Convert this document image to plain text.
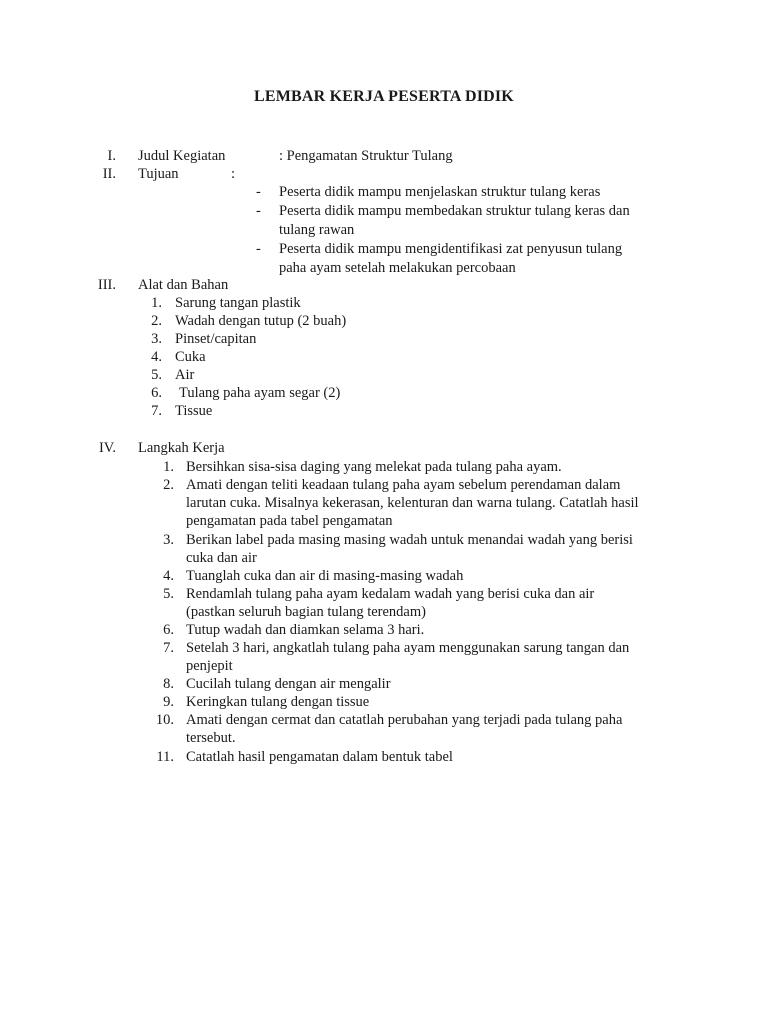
LEMBAR KERJA PESERTA DIDIK
I. Judul Kegiatan	: Pengamatan Struktur Tulang
II. Tujuan	:
- Peserta didik mampu menjelaskan struktur tulang keras
- Peserta didik mampu membedakan struktur tulang keras dan
tulang rawan
- Peserta didik mampu mengidentifikasi zat penyusun tulang
paha ayam setelah melakukan percobaan
III. Alat dan Bahan
1. Sarung tangan plastik
2. Wadah dengan tutup (2 buah)
3. Pinset/capitan
4. Cuka
5. Air
6. Tulang paha ayam segar (2)
7. Tissue
IV. Langkah Kerja
1. Bersihkan sisa-sisa daging yang melekat pada tulang paha ayam.
2. Amati dengan teliti keadaan tulang paha ayam sebelum perendaman dalam
larutan cuka. Misalnya kekerasan, kelenturan dan warna tulang. Catatlah hasil
pengamatan pada tabel pengamatan
3. Berikan label pada masing masing wadah untuk menandai wadah yang berisi
cuka dan air
4. Tuanglah cuka dan air di masing-masing wadah
5. Rendamlah tulang paha ayam kedalam wadah yang berisi cuka dan air
(pastkan seluruh bagian tulang terendam)
6. Tutup wadah dan diamkan selama 3 hari.
7. Setelah 3 hari, angkatlah tulang paha ayam menggunakan sarung tangan dan
penjepit
8. Cucilah tulang dengan air mengalir
9. Keringkan tulang dengan tissue
10. Amati dengan cermat dan catatlah perubahan yang terjadi pada tulang paha
tersebut.
11. Catatlah hasil pengamatan dalam bentuk tabel
